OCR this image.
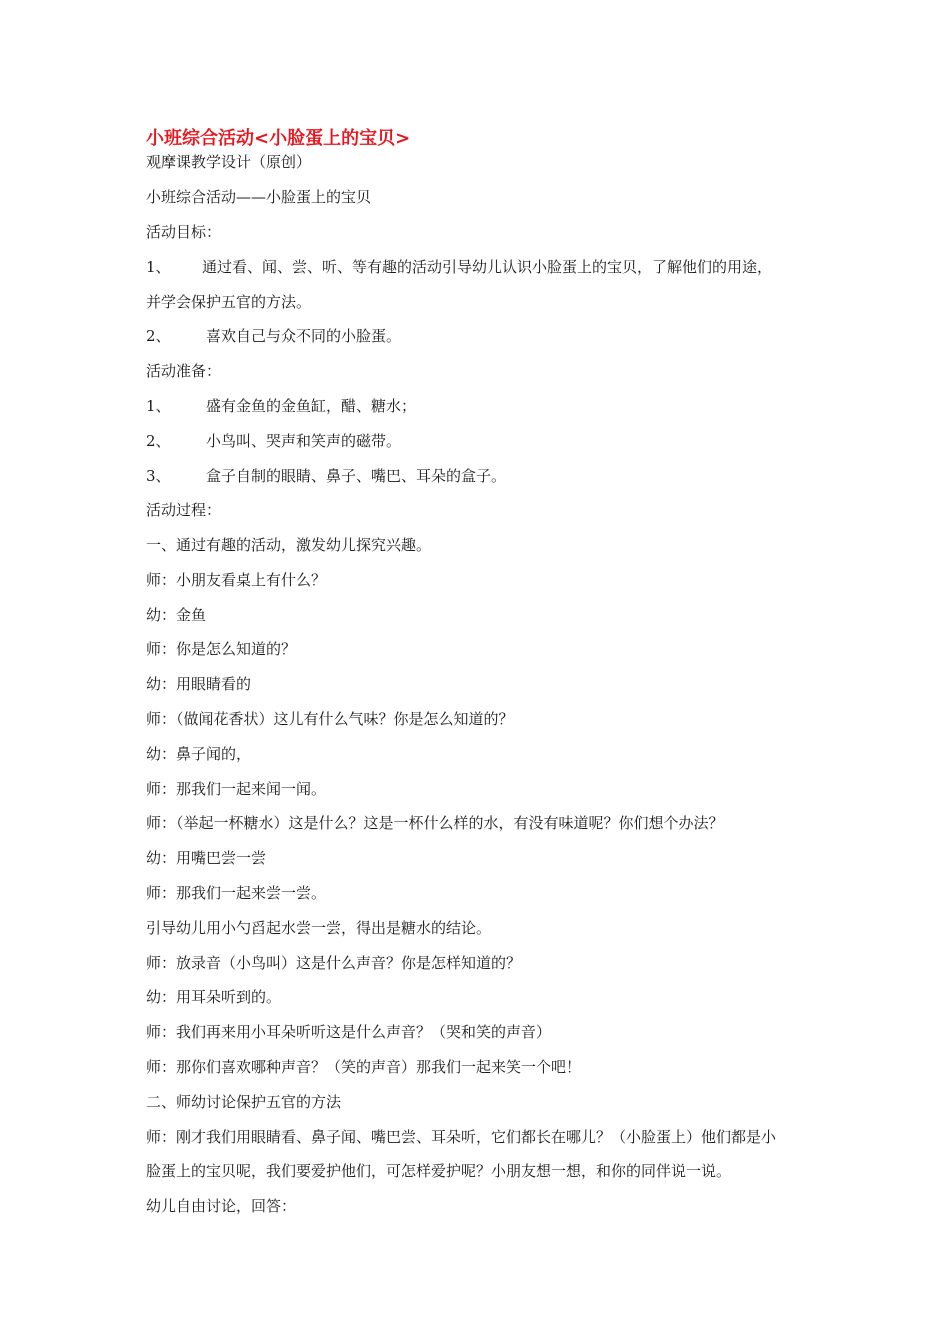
小班综合活动<小脸蛋上的宝贝>
观摩课教学设计（原创）
小班综合活动——小脸蛋上的宝贝
活动目标：
1、 通过看、闻、尝、听、等有趣的活动引导幼儿认识小脸蛋上的宝贝，了解他们的用途，
并学会保护五官的方法。
2、 喜欢自己与众不同的小脸蛋。
活动准备：
1、 盛有金鱼的金鱼缸，醋、糖水；
2、 小鸟叫、哭声和笑声的磁带。
3、 盒子自制的眼睛、鼻子、嘴巴、耳朵的盒子。
活动过程：
一、通过有趣的活动，激发幼儿探究兴趣。
师：小朋友看桌上有什么？
幼：金鱼
师：你是怎么知道的？
幼：用眼睛看的
师：（做闻花香状）这儿有什么气味？你是怎么知道的？
幼：鼻子闻的，
师：那我们一起来闻一闻。
师：（举起一杯糖水）这是什么？这是一杯什么样的水，有没有味道呢？你们想个办法？
幼：用嘴巴尝一尝
师：那我们一起来尝一尝。
引导幼儿用小勺舀起水尝一尝，得出是糖水的结论。
师：放录音（小鸟叫）这是什么声音？你是怎样知道的？
幼：用耳朵听到的。
师：我们再来用小耳朵听听这是什么声音？（哭和笑的声音）
师：那你们喜欢哪种声音？（笑的声音）那我们一起来笑一个吧！
二、师幼讨论保护五官的方法
师：刚才我们用眼睛看、鼻子闻、嘴巴尝、耳朵听，它们都长在哪儿？（小脸蛋上）他们都是小
脸蛋上的宝贝呢，我们要爱护他们，可怎样爱护呢？小朋友想一想，和你的同伴说一说。
幼儿自由讨论，回答：
